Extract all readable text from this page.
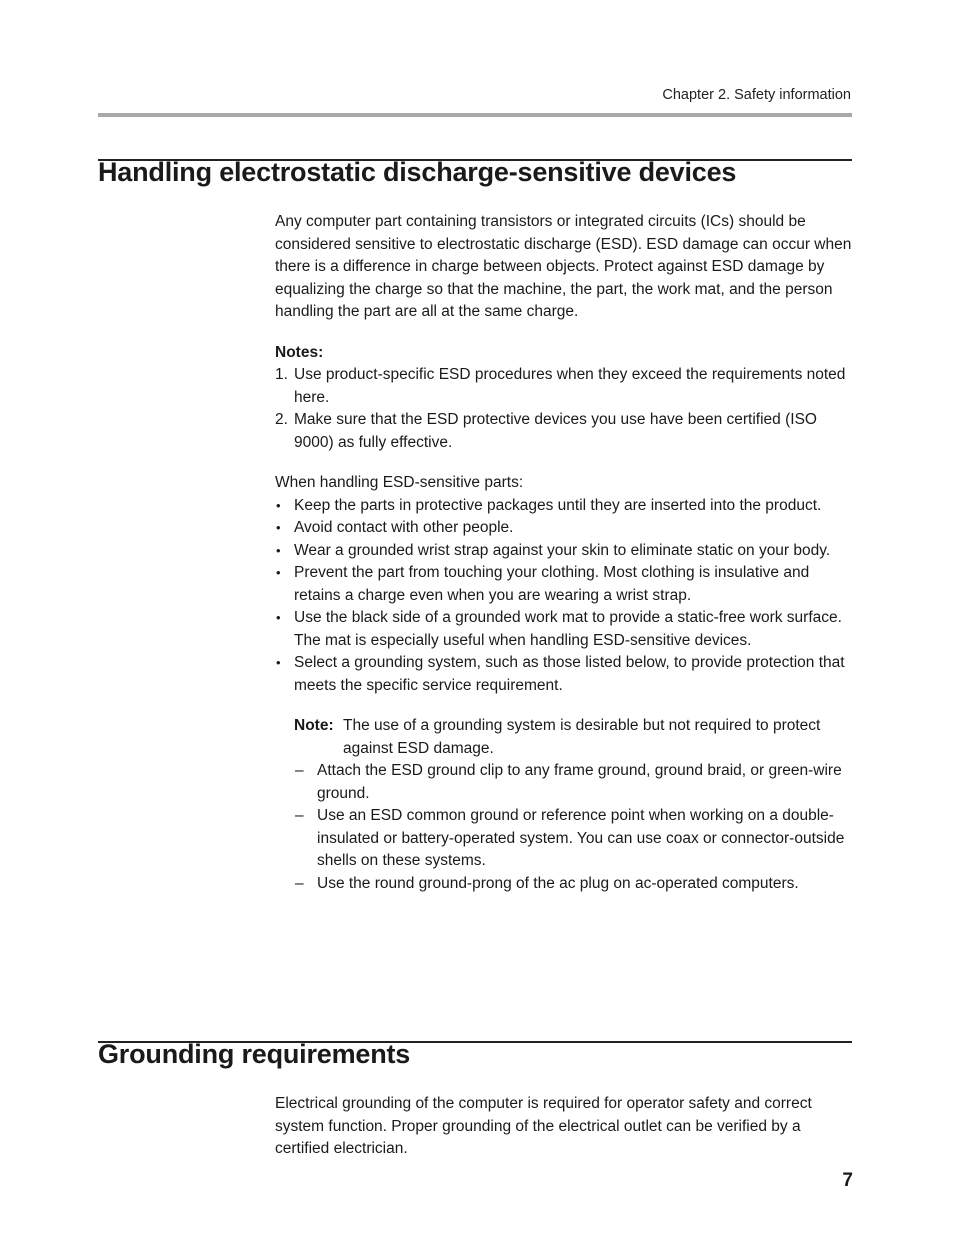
Chapter 2. Safety information
Handling electrostatic discharge-sensitive devices

Any computer part containing transistors or integrated circuits (ICs) should be considered sensitive to electrostatic discharge (ESD). ESD damage can occur when there is a difference in charge between objects. Protect against ESD damage by equalizing the charge so that the machine, the part, the work mat, and the person handling the part are all at the same charge.

Notes:
1. Use product-specific ESD procedures when they exceed the requirements noted here.
2. Make sure that the ESD protective devices you use have been certified (ISO 9000) as fully effective.

When handling ESD-sensitive parts:

• Keep the parts in protective packages until they are inserted into the product.
• Avoid contact with other people.
• Wear a grounded wrist strap against your skin to eliminate static on your body.
• Prevent the part from touching your clothing. Most clothing is insulative and retains a charge even when you are wearing a wrist strap.
• Use the black side of a grounded work mat to provide a static-free work surface. The mat is especially useful when handling ESD-sensitive devices.
• Select a grounding system, such as those listed below, to provide protection that meets the specific service requirement.
Note: The use of a grounding system is desirable but not required to protect against ESD damage.
– Attach the ESD ground clip to any frame ground, ground braid, or green-wire ground.
– Use an ESD common ground or reference point when working on a double-insulated or battery-operated system. You can use coax or connector-outside shells on these systems.
– Use the round ground-prong of the ac plug on ac-operated computers.
Grounding requirements

Electrical grounding of the computer is required for operator safety and correct system function. Proper grounding of the electrical outlet can be verified by a certified electrician.

7
